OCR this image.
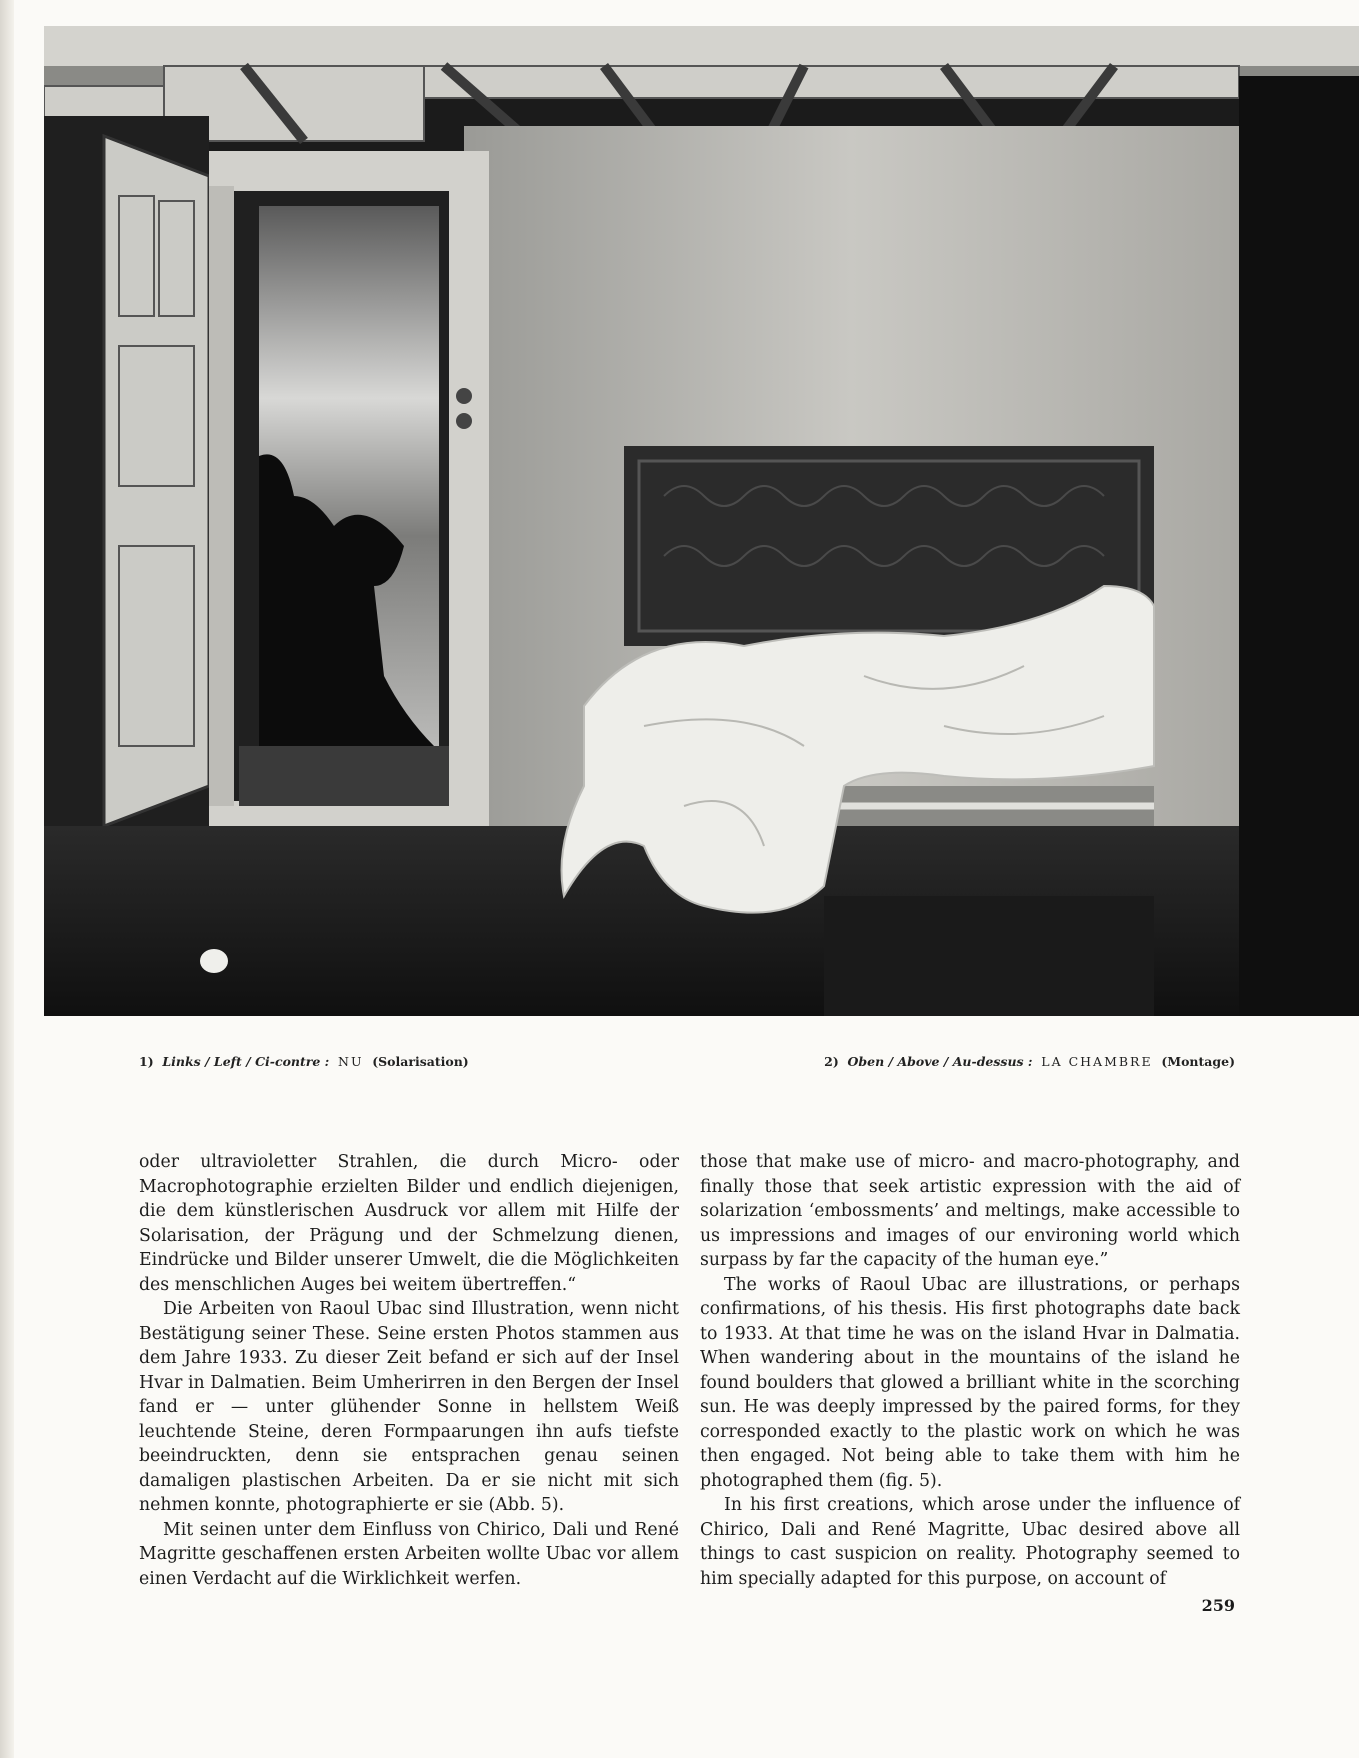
1) Links / Left / Ci-contre : NU (Solarisation)	2) Oben / Above / Au-dessus : LA CHAMBRE (Montage)

oder ultravioletter Strahlen, die durch Micro- oder Macrophotographie erzielten Bilder und endlich diejenigen, die dem künstlerischen Ausdruck vor allem mit Hilfe der Solarisation, der Prägung und der Schmelzung dienen, Eindrücke und Bilder unserer Umwelt, die die Möglichkeiten des menschlichen Auges bei weitem übertreffen.“

Die Arbeiten von Raoul Ubac sind Illustration, wenn nicht Bestätigung seiner These. Seine ersten Photos stammen aus dem Jahre 1933. Zu dieser Zeit befand er sich auf der Insel Hvar in Dalmatien. Beim Umherirren in den Bergen der Insel fand er — unter glühender Sonne in hellstem Weiß leuchtende Steine, deren Formpaarungen ihn aufs tiefste beeindruckten, denn sie entsprachen genau seinen damaligen plastischen Arbeiten. Da er sie nicht mit sich nehmen konnte, photographierte er sie (Abb. 5).

Mit seinen unter dem Einfluss von Chirico, Dali und René Magritte geschaffenen ersten Arbeiten wollte Ubac vor allem einen Verdacht auf die Wirklichkeit werfen.

those that make use of micro- and macro-photography, and finally those that seek artistic expression with the aid of solarization ‘embossments’ and meltings, make accessible to us impressions and images of our environing world which surpass by far the capacity of the human eye.”

The works of Raoul Ubac are illustrations, or perhaps confirmations, of his thesis. His first photographs date back to 1933. At that time he was on the island Hvar in Dalmatia. When wandering about in the mountains of the island he found boulders that glowed a brilliant white in the scorching sun. He was deeply impressed by the paired forms, for they corresponded exactly to the plastic work on which he was then engaged. Not being able to take them with him he photographed them (fig. 5).

In his first creations, which arose under the influence of Chirico, Dali and René Magritte, Ubac desired above all things to cast suspicion on reality. Photography seemed to him specially adapted for this purpose, on account of

259
